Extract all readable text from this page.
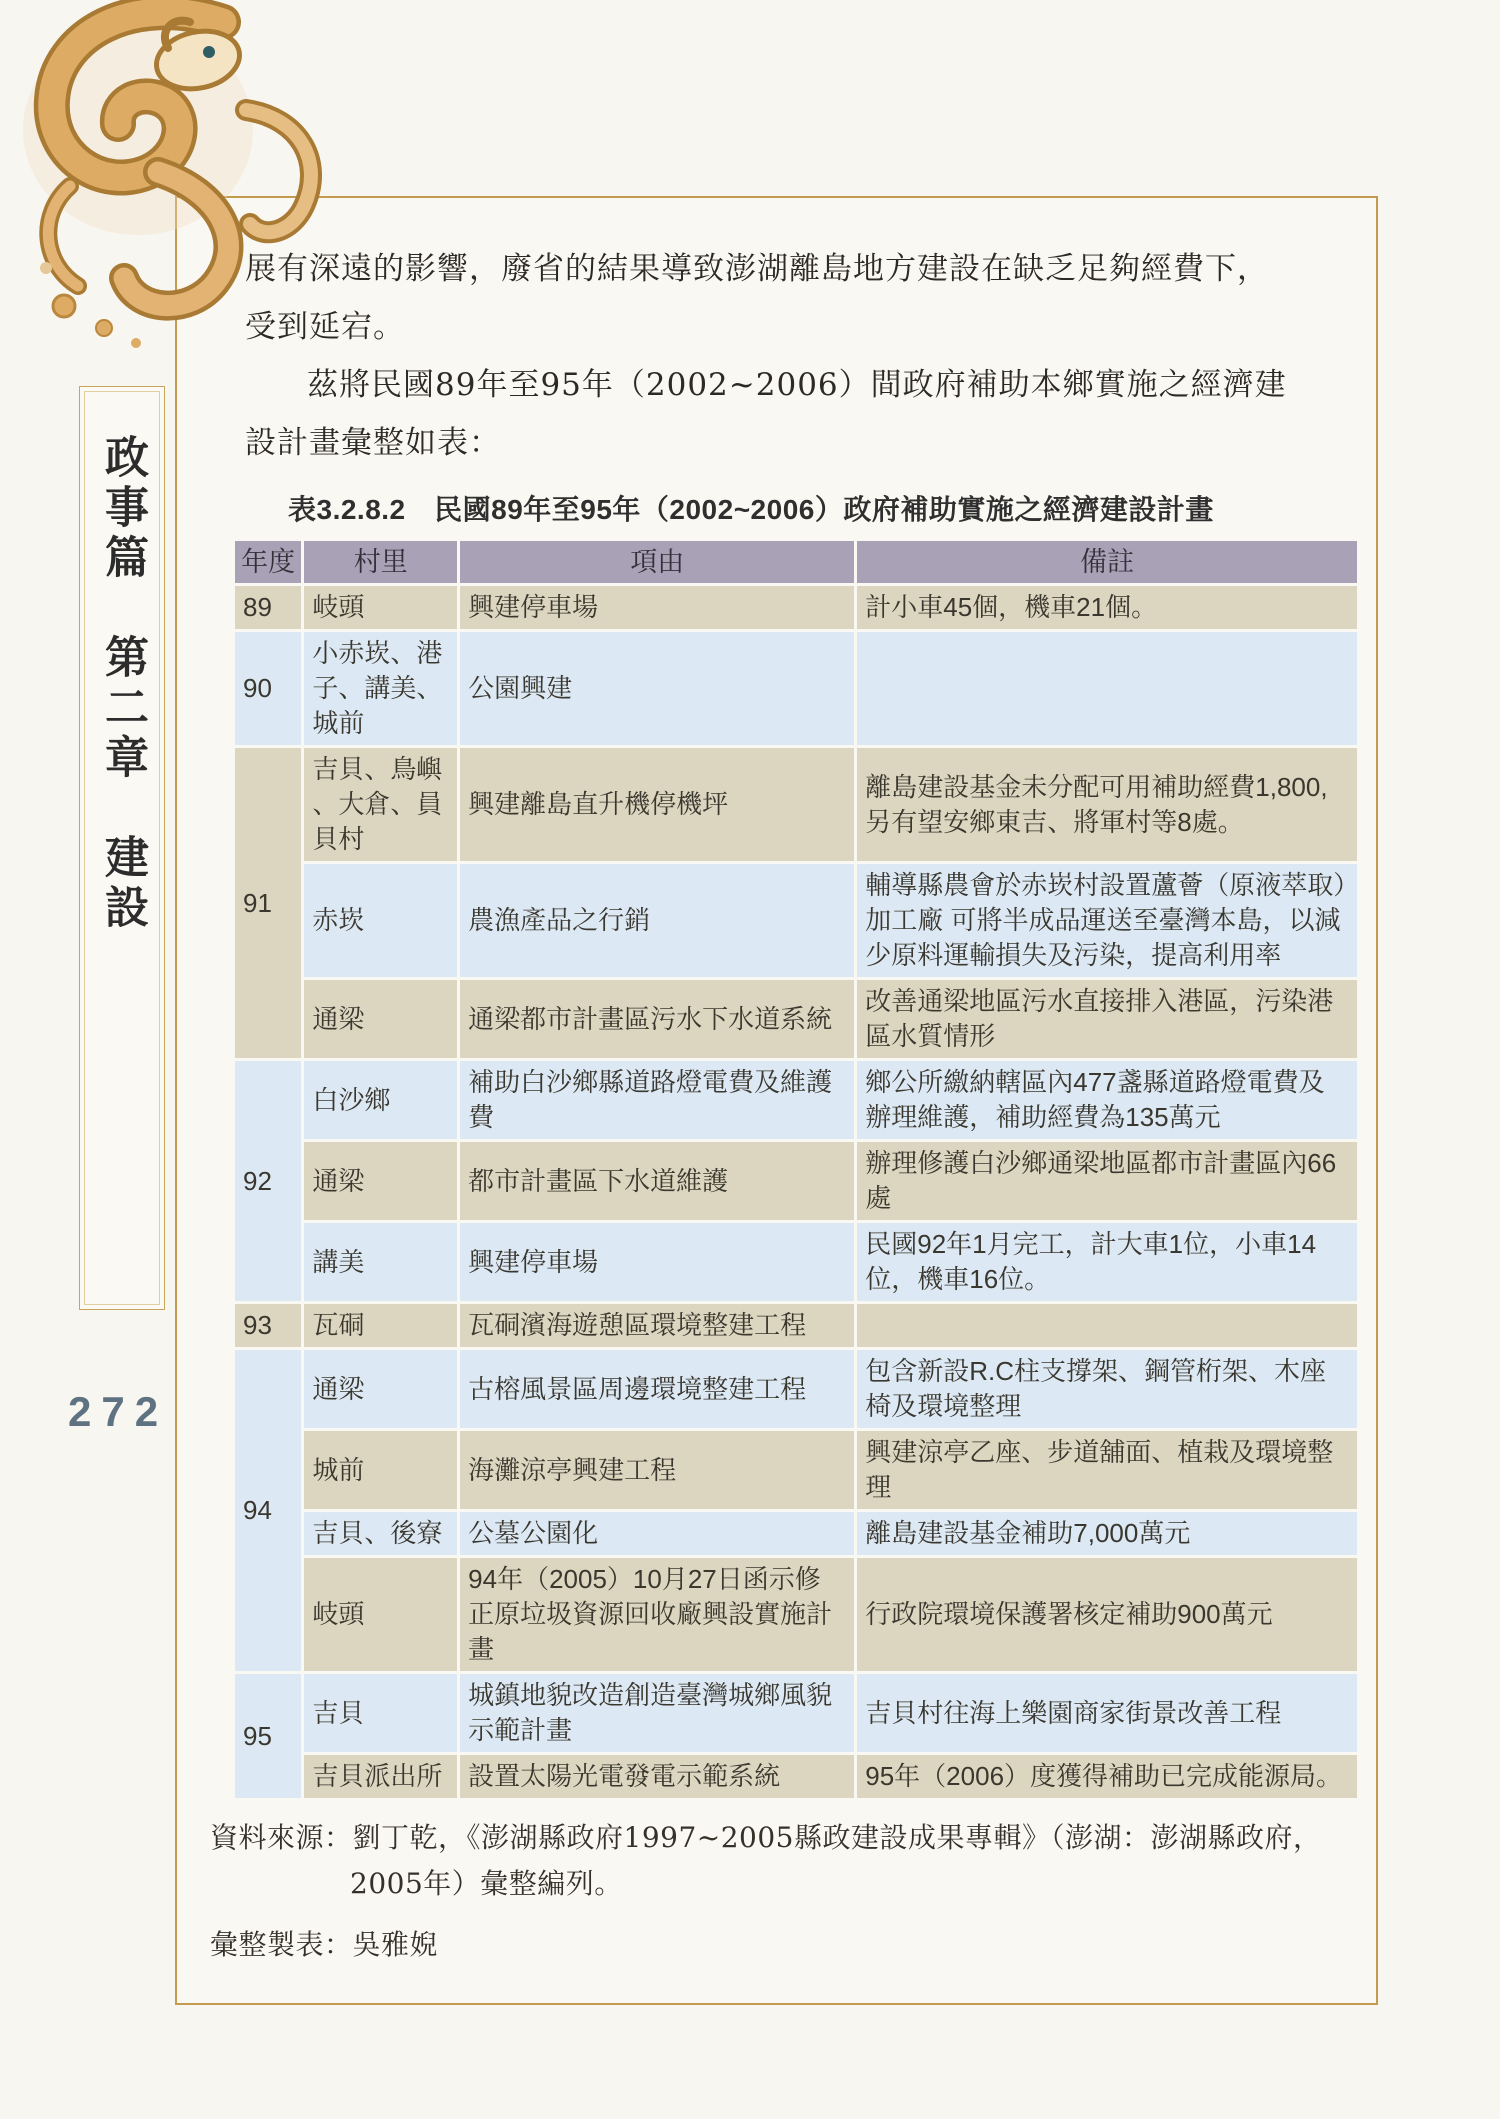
政事篇　第二章　建設
272

展有深遠的影響，廢省的結果導致澎湖離島地方建設在缺乏足夠經費下，受到延宕。

茲將民國89年至95年（2002~2006）間政府補助本鄉實施之經濟建設計畫彙整如表：

表3.2.8.2　民國89年至95年（2002~2006）政府補助實施之經濟建設計畫
年度	村里	項由	備註
89	岐頭	興建停車場	計小車45個，機車21個。
90	小赤崁、港子、講美、城前	公園興建	
91	吉貝、鳥嶼、大倉、員貝村	興建離島直升機停機坪	離島建設基金未分配可用補助經費1,800,另有望安鄉東吉、將軍村等8處。
	赤崁	農漁產品之行銷	輔導縣農會於赤崁村設置蘆薈（原液萃取）加工廠 可將半成品運送至臺灣本島，以減少原料運輸損失及污染，提高利用率
	通梁	通梁都市計畫區污水下水道系統	改善通梁地區污水直接排入港區，污染港區水質情形
92	白沙鄉	補助白沙鄉縣道路燈電費及維護費	鄉公所繳納轄區內477盞縣道路燈電費及辦理維護，補助經費為135萬元
	通梁	都市計畫區下水道維護	辦理修護白沙鄉通梁地區都市計畫區內66處
	講美	興建停車場	民國92年1月完工，計大車1位，小車14位，機車16位。
93	瓦硐	瓦硐濱海遊憩區環境整建工程	
94	通梁	古榕風景區周邊環境整建工程	包含新設R.C柱支撐架、鋼管桁架、木座椅及環境整理
	城前	海灘涼亭興建工程	興建涼亭乙座、步道舖面、植栽及環境整理
	吉貝、後寮	公墓公園化	離島建設基金補助7,000萬元
	岐頭	94年（2005）10月27日函示修正原垃圾資源回收廠興設實施計畫	行政院環境保護署核定補助900萬元
95	吉貝	城鎮地貌改造創造臺灣城鄉風貌示範計畫	吉貝村往海上樂園商家街景改善工程
	吉貝派出所	設置太陽光電發電示範系統	95年（2006）度獲得補助已完成能源局。
資料來源：劉丁乾，《澎湖縣政府1997~2005縣政建設成果專輯》（澎湖：澎湖縣政府，2005年）彙整編列。
彙整製表：吳雅婗
